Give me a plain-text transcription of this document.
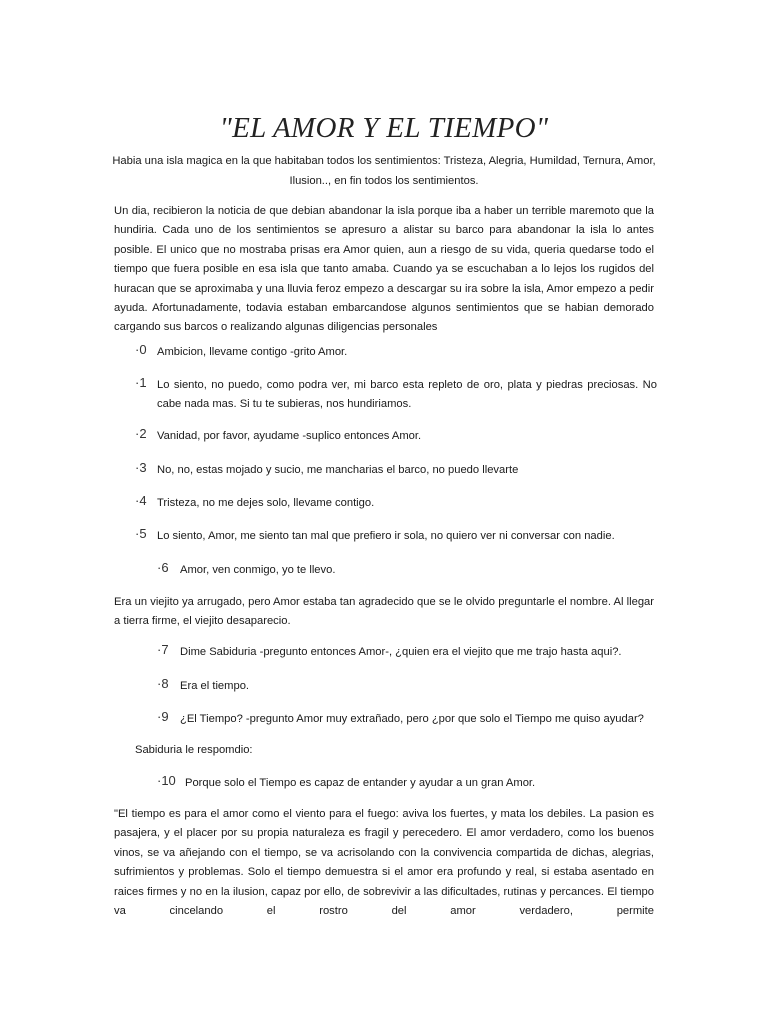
"EL AMOR Y EL TIEMPO"
Habia una isla magica en la que habitaban todos los sentimientos: Tristeza, Alegria, Humildad, Ternura, Amor, Ilusion.., en fin todos los sentimientos.
Un dia, recibieron la noticia de que debian abandonar la isla porque iba a haber un terrible maremoto que la hundiria. Cada uno de los sentimientos se apresuro a alistar su barco para abandonar la isla lo antes posible. El unico que no mostraba prisas era Amor quien, aun a riesgo de su vida, queria quedarse todo el tiempo que fuera posible en esa isla que tanto amaba. Cuando ya se escuchaban a lo lejos los rugidos del huracan que se aproximaba y una lluvia feroz empezo a descargar su ira sobre la isla, Amor empezo a pedir ayuda. Afortunadamente, todavia estaban embarcandose algunos sentimientos que se habian demorado cargando sus barcos o realizando algunas diligencias personales
·0 Ambicion, llevame contigo -grito Amor.
·1 Lo siento, no puedo, como podra ver, mi barco esta repleto de oro, plata y piedras preciosas. No cabe nada mas. Si tu te subieras, nos hundiriamos.
·2 Vanidad, por favor, ayudame -suplico entonces Amor.
·3 No, no, estas mojado y sucio, me mancharias el barco, no puedo llevarte
·4 Tristeza, no me dejes solo, llevame contigo.
·5 Lo siento, Amor, me siento tan mal que prefiero ir sola, no quiero ver ni conversar con nadie.
·6	Amor, ven conmigo, yo te llevo.
Era un viejito ya arrugado, pero Amor estaba tan agradecido que se le olvido preguntarle el nombre. Al llegar a tierra firme, el viejito desaparecio.
·7	Dime Sabiduria -pregunto entonces Amor-, ¿quien era el viejito que me trajo hasta aqui?.
·8	Era el tiempo.
·9	¿El Tiempo? -pregunto Amor muy extrañado, pero ¿por que solo el Tiempo me quiso ayudar?
Sabiduria le respomdio:
·10 Porque solo el Tiempo es capaz de entander y ayudar a un gran Amor.
"El tiempo es para el amor como el viento para el fuego: aviva los fuertes, y mata los debiles. La pasion es pasajera, y el placer por su propia naturaleza es fragil y perecedero. El amor verdadero, como los buenos vinos, se va añejando con el tiempo, se va acrisolando con la convivencia compartida de dichas, alegrias, sufrimientos y problemas. Solo el tiempo demuestra si el amor era profundo y real, si estaba asentado en raices firmes y no en la ilusion, capaz por ello, de sobrevivir a las dificultades, rutinas y percances. El tiempo va cincelando el rostro del amor verdadero, permite
